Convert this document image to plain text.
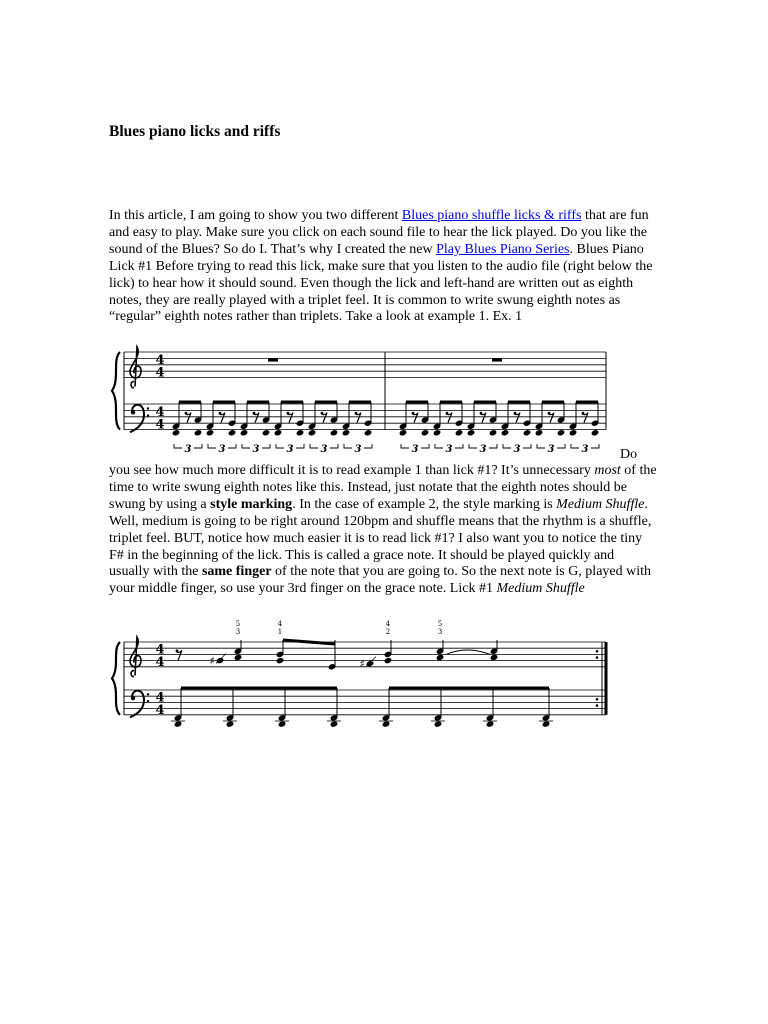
Blues piano licks and riffs

In this article, I am going to show you two different Blues piano shuffle licks & riffs that are fun and easy to play. Make sure you click on each sound file to hear the lick played. Do you like the sound of the Blues? So do I. That’s why I created the new Play Blues Piano Series. Blues Piano Lick #1 Before trying to read this lick, make sure that you listen to the audio file (right below the lick) to hear how it should sound. Even though the lick and left-hand are written out as eighth notes, they are really played with a triplet feel. It is common to write swung eighth notes as “regular” eighth notes rather than triplets. Take a look at example 1. Ex. 1

4
4
4
4
3	3	3	3	3	3	3	3	3	3	3	3 Do

you see how much more difficult it is to read example 1 than lick #1? It’s unnecessary most of the time to write swung eighth notes like this. Instead, just notate that the eighth notes should be swung by using a style marking. In the case of example 2, the style marking is Medium Shuffle. Well, medium is going to be right around 120bpm and shuffle means that the rhythm is a shuffle, triplet feel. BUT, notice how much easier it is to read lick #1? I also want you to notice the tiny F# in the beginning of the lick. This is called a grace note. It should be played quickly and usually with the same finger of the note that you are going to. So the next note is G, played with your middle finger, so use your 3rd finger on the grace note. Lick #1 Medium Shuffle

4
4
4
4
♯
5
3
4
1
♯
4
2
5
3
